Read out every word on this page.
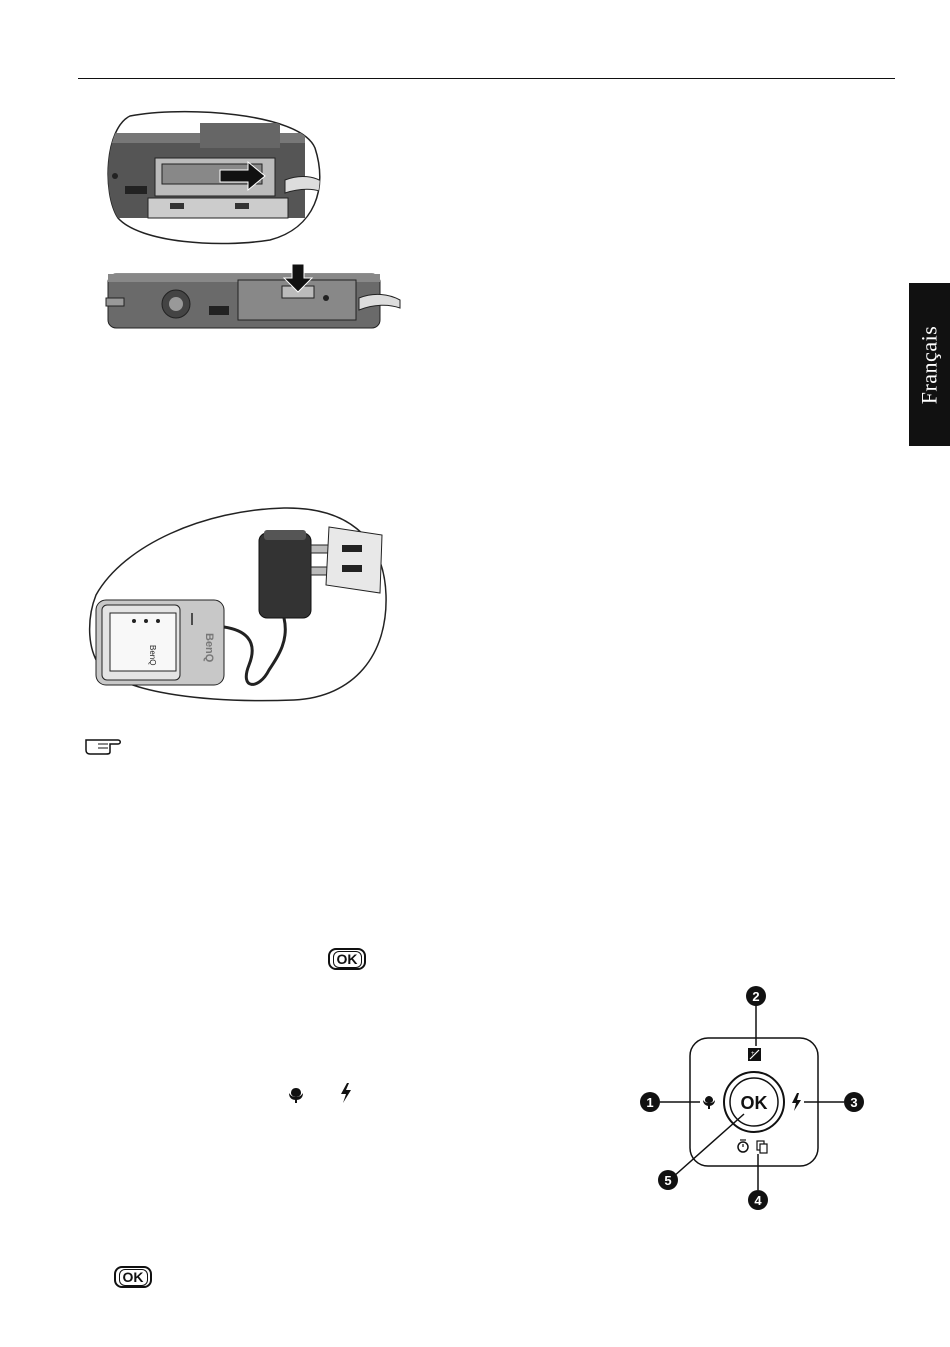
Français
BenQ	BenQ
OK
OK
OK
+
2
1	3
4
5
